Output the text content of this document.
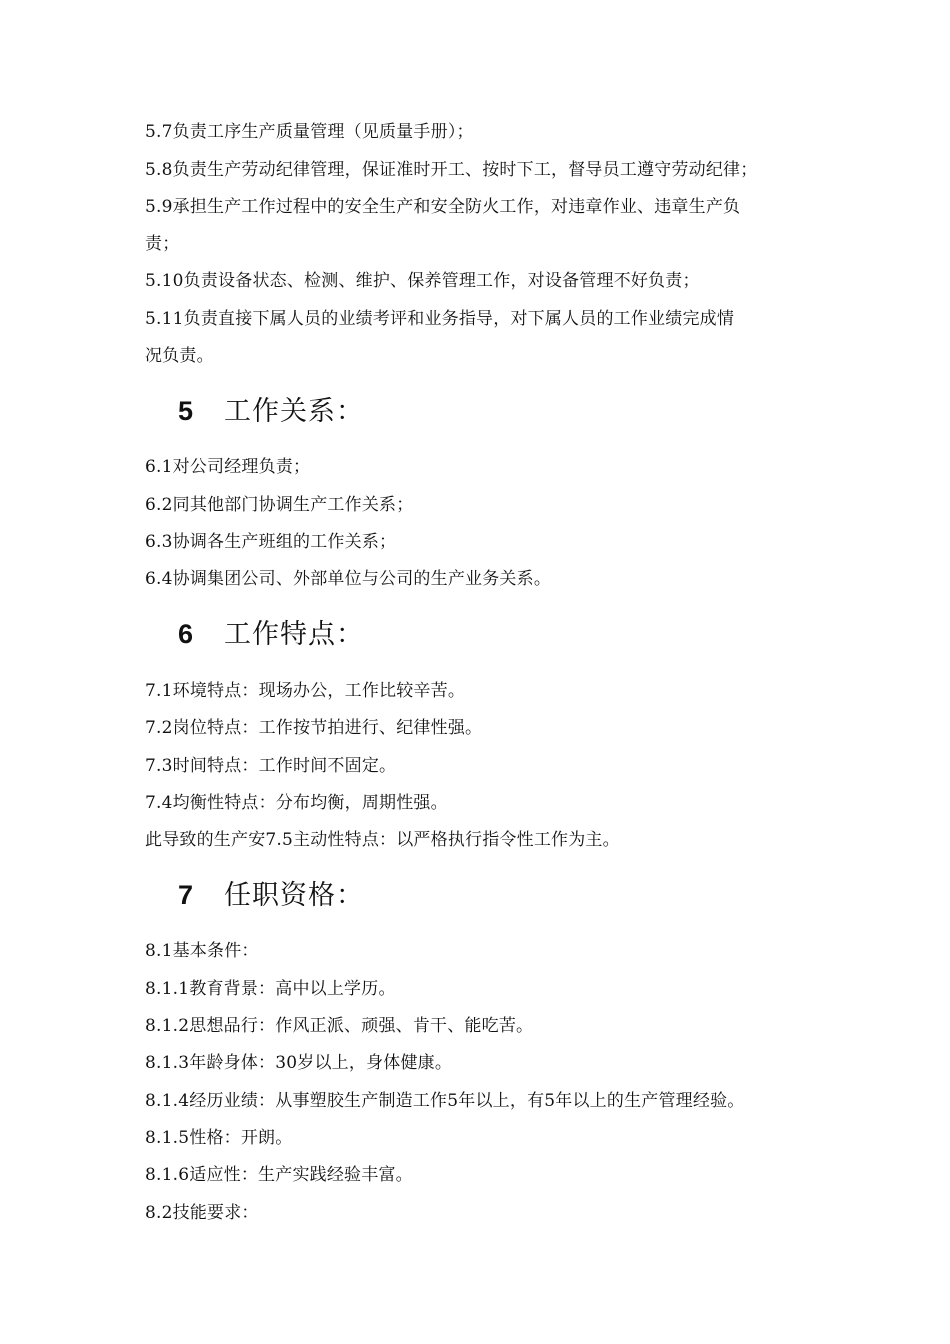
5.7负责工序生产质量管理（见质量手册）；
5.8负责生产劳动纪律管理，保证准时开工、按时下工，督导员工遵守劳动纪律；
5.9承担生产工作过程中的安全生产和安全防火工作，对违章作业、违章生产负
责；
5.10负责设备状态、检测、维护、保养管理工作，对设备管理不好负责；
5.11负责直接下属人员的业绩考评和业务指导，对下属人员的工作业绩完成情
况负责。
5 工作关系：
6.1对公司经理负责；
6.2同其他部门协调生产工作关系；
6.3协调各生产班组的工作关系；
6.4协调集团公司、外部单位与公司的生产业务关系。
6 工作特点：
7.1环境特点：现场办公，工作比较辛苦。
7.2岗位特点：工作按节拍进行、纪律性强。
7.3时间特点：工作时间不固定。
7.4均衡性特点：分布均衡，周期性强。
此导致的生产安7.5主动性特点：以严格执行指令性工作为主。
7 任职资格：
8.1基本条件：
8.1.1教育背景：高中以上学历。
8.1.2思想品行：作风正派、顽强、肯干、能吃苦。
8.1.3年龄身体：30岁以上，身体健康。
8.1.4经历业绩：从事塑胶生产制造工作5年以上，有5年以上的生产管理经验。
8.1.5性格：开朗。
8.1.6适应性：生产实践经验丰富。
8.2技能要求：
